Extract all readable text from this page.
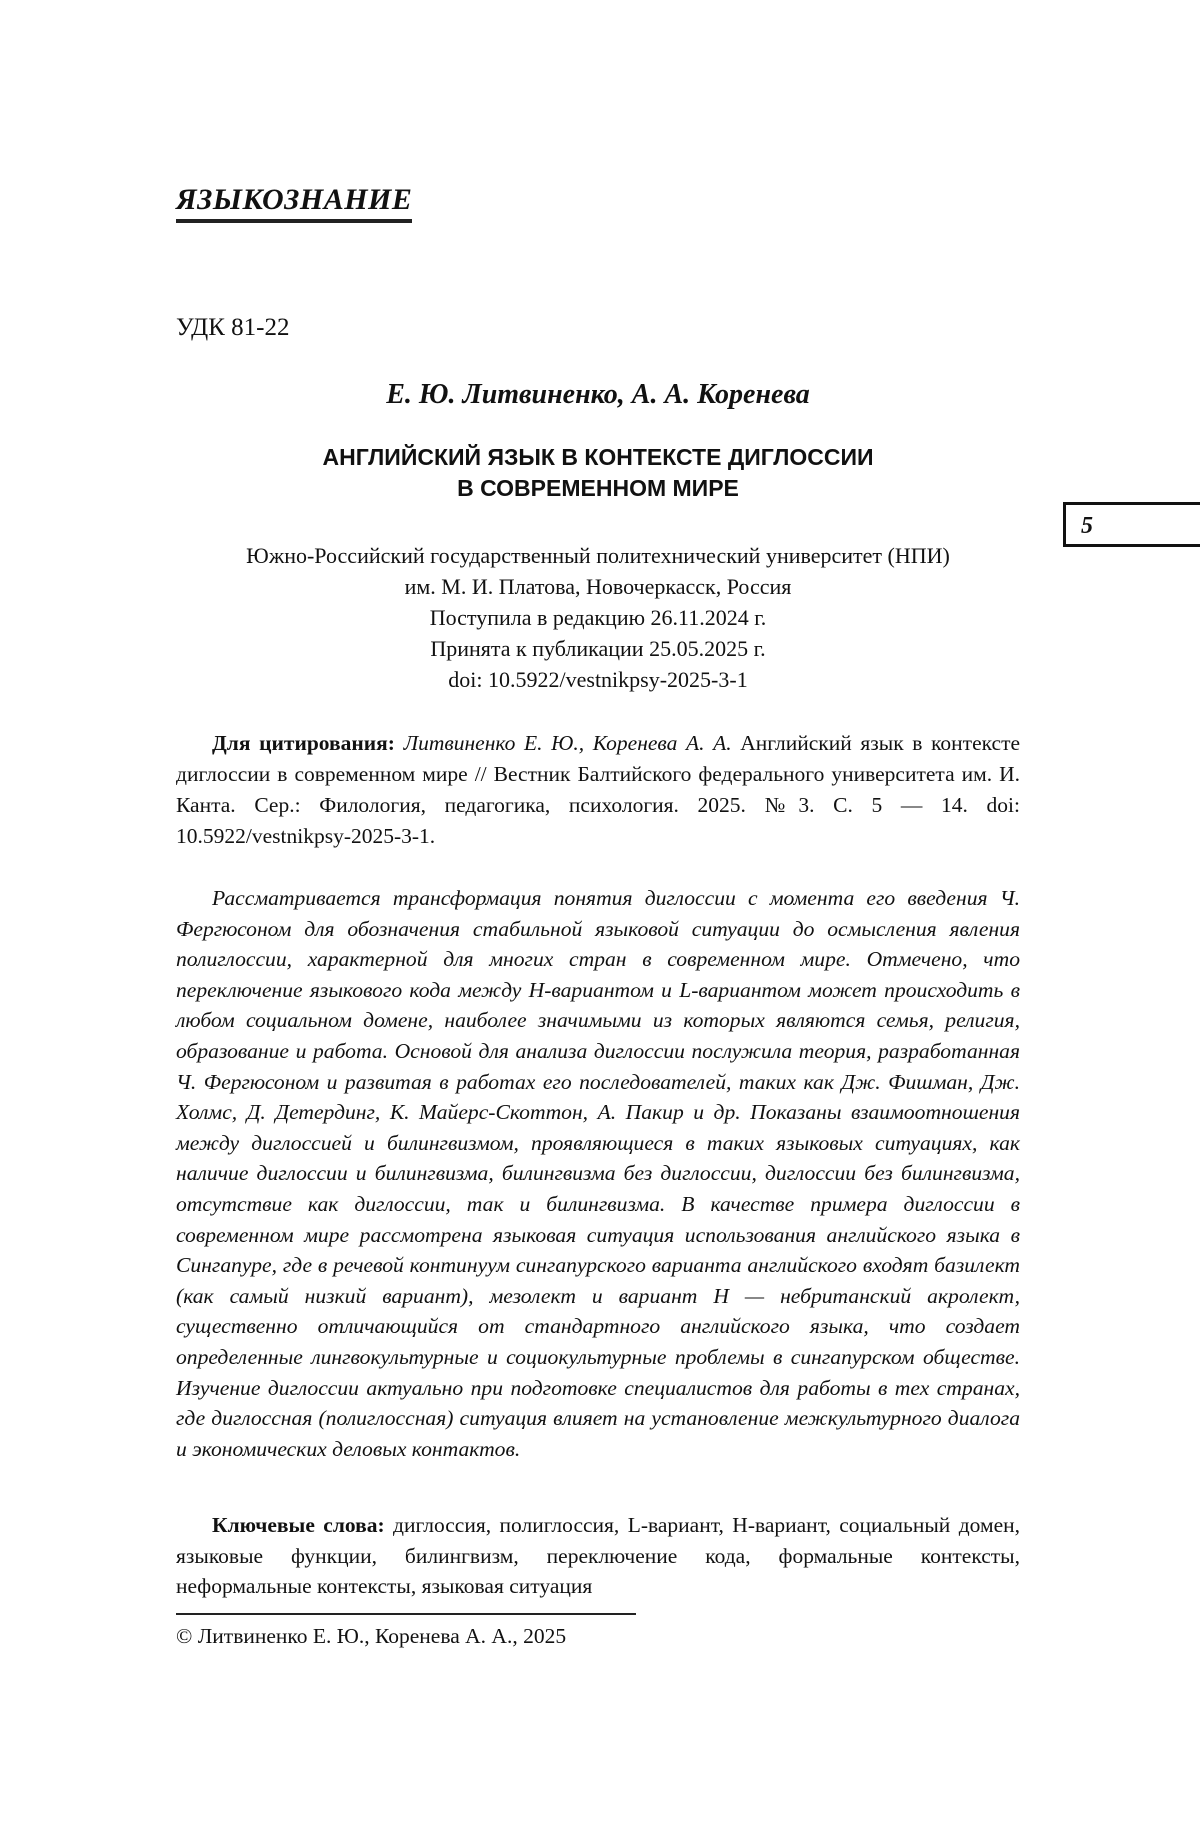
ЯЗЫКОЗНАНИЕ
УДК 81-22
Е. Ю. Литвиненко, А. А. Коренева
АНГЛИЙСКИЙ ЯЗЫК В КОНТЕКСТЕ ДИГЛОССИИ
В СОВРЕМЕННОМ МИРЕ
5
Южно-Российский государственный политехнический университет (НПИ)
им. М. И. Платова, Новочеркасск, Россия
Поступила в редакцию 26.11.2024 г.
Принята к публикации 25.05.2025 г.
doi: 10.5922/vestnikpsy-2025-3-1
Для цитирования: Литвиненко Е. Ю., Коренева А. А. Английский язык в контексте диглоссии в современном мире // Вестник Балтийского федерального университета им. И. Канта. Сер.: Филология, педагогика, психология. 2025. №3. С. 5 — 14. doi: 10.5922/vestnikpsy-2025-3-1.
Рассматривается трансформация понятия диглоссии с момента его введения Ч. Фергюсоном для обозначения стабильной языковой ситуации до осмысления явления полиглоссии, характерной для многих стран в современном мире. Отмечено, что переключение языкового кода между Н-вариантом и L-вариантом может происходить в любом социальном домене, наиболее значимыми из которых являются семья, религия, образование и работа. Основой для анализа диглоссии послужила теория, разработанная Ч. Фергюсоном и развитая в работах его последователей, таких как Дж. Фишман, Дж. Холмс, Д. Детердинг, К. Майерс-Скоттон, А. Пакир и др. Показаны взаимоотношения между диглоссией и билингвизмом, проявляющиеся в таких языковых ситуациях, как наличие диглоссии и билингвизма, билингвизма без диглоссии, диглоссии без билингвизма, отсутствие как диглоссии, так и билингвизма. В качестве примера диглоссии в современном мире рассмотрена языковая ситуация использования английского языка в Сингапуре, где в речевой континуум сингапурского варианта английского входят базилект (как самый низкий вариант), мезолект и вариант Н — небританский акролект, существенно отличающийся от стандартного английского языка, что создает определенные лингвокультурные и социокультурные проблемы в сингапурском обществе. Изучение диглоссии актуально при подготовке специалистов для работы в тех странах, где диглоссная (полиглоссная) ситуация влияет на установление межкультурного диалога и экономических деловых контактов.
Ключевые слова: диглоссия, полиглоссия, L-вариант, Н-вариант, социальный домен, языковые функции, билингвизм, переключение кода, формальные контексты, неформальные контексты, языковая ситуация
© Литвиненко Е. Ю., Коренева А. А., 2025
